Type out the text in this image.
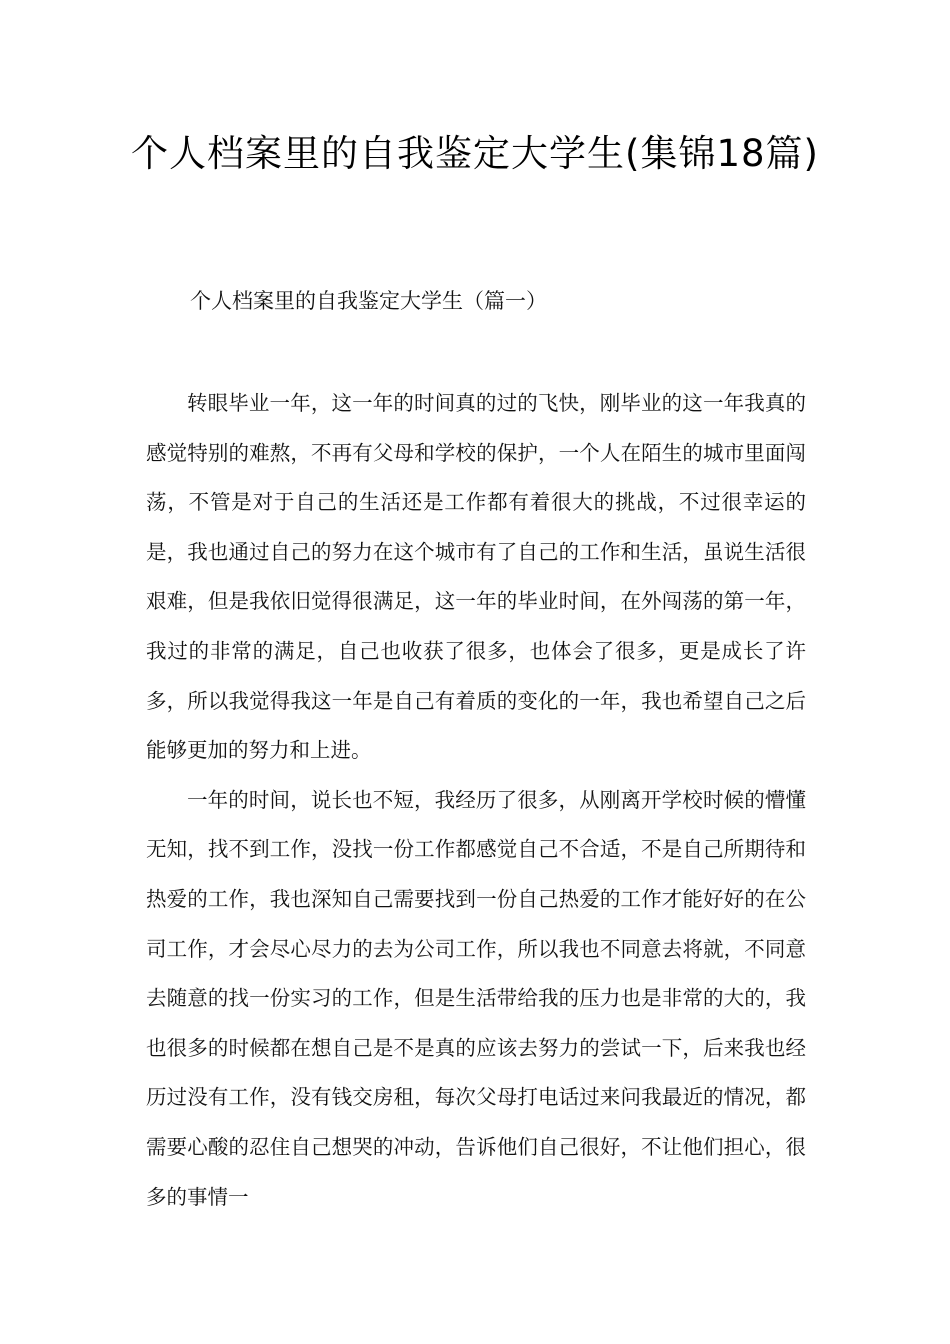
个人档案里的自我鉴定大学生(集锦18篇)
个人档案里的自我鉴定大学生（篇一）

转眼毕业一年，这一年的时间真的过的飞快，刚毕业的这一年我真的感觉特别的难熬，不再有父母和学校的保护，一个人在陌生的城市里面闯荡，不管是对于自己的生活还是工作都有着很大的挑战，不过很幸运的是，我也通过自己的努力在这个城市有了自己的工作和生活，虽说生活很艰难，但是我依旧觉得很满足，这一年的毕业时间，在外闯荡的第一年，我过的非常的满足，自己也收获了很多，也体会了很多，更是成长了许多，所以我觉得我这一年是自己有着质的变化的一年，我也希望自己之后能够更加的努力和上进。

一年的时间，说长也不短，我经历了很多，从刚离开学校时候的懵懂无知，找不到工作，没找一份工作都感觉自己不合适，不是自己所期待和热爱的工作，我也深知自己需要找到一份自己热爱的工作才能好好的在公司工作，才会尽心尽力的去为公司工作，所以我也不同意去将就，不同意去随意的找一份实习的工作，但是生活带给我的压力也是非常的大的，我也很多的时候都在想自己是不是真的应该去努力的尝试一下，后来我也经历过没有工作，没有钱交房租，每次父母打电话过来问我最近的情况，都需要心酸的忍住自己想哭的冲动，告诉他们自己很好，不让他们担心，很多的事情一
